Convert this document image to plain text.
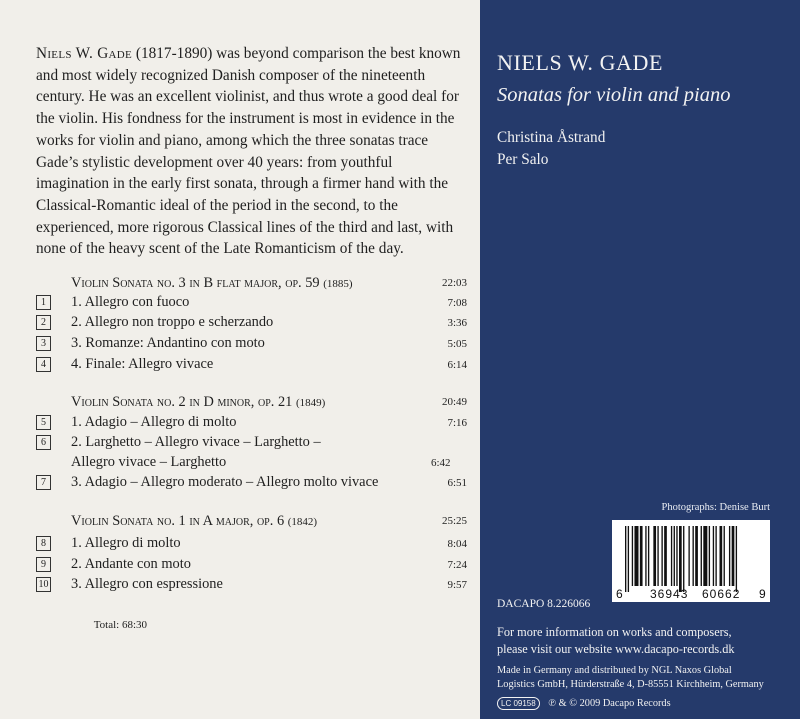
Niels W. Gade (1817-1890) was beyond comparison the best known and most widely recognized Danish composer of the nineteenth century. He was an excellent violinist, and thus wrote a good deal for the violin. His fondness for the instrument is most in evidence in the works for violin and piano, among which the three sonatas trace Gade’s stylistic development over 40 years: from youthful imagination in the early first sonata, through a firmer hand with the Classical-Romantic ideal of the period in the second, to the experienced, more rigorous Classical lines of the third and last, with none of the heavy scent of the Late Romanticism of the day.

Violin Sonata no. 3 in B flat major, op. 59 (1885)	22:03
1	1. Allegro con fuoco	7:08
2	2. Allegro non troppo e scherzando	3:36
3	3. Romanze: Andantino con moto	5:05
4	4. Finale: Allegro vivace	6:14
Violin Sonata no. 2 in D minor, op. 21 (1849)	20:49
5	1. Adagio – Allegro di molto	7:16
6	2. Larghetto – Allegro vivace – Larghetto –
Allegro vivace – Larghetto	6:42
7	3. Adagio – Allegro moderato – Allegro molto vivace	6:51
Violin Sonata no. 1 in A major, op. 6 (1842)	25:25
8	1. Allegro di molto	8:04
9	2. Andante con moto	7:24
10 3. Allegro con espressione	9:57
Total: 68:30
NIELS W. GADE
Sonatas for violin and piano
Christina Åstrand
Per Salo
Photographs: Denise Burt
6 36943 60662 9
DACAPO 8.226066
For more information on works and composers,
please visit our website www.dacapo-records.dk
Made in Germany and distributed by NGL Naxos Global
Logistics GmbH, Hürderstraße 4, D-85551 Kirchheim, Germany
LC 09158 ℗ & © 2009 Dacapo Records
